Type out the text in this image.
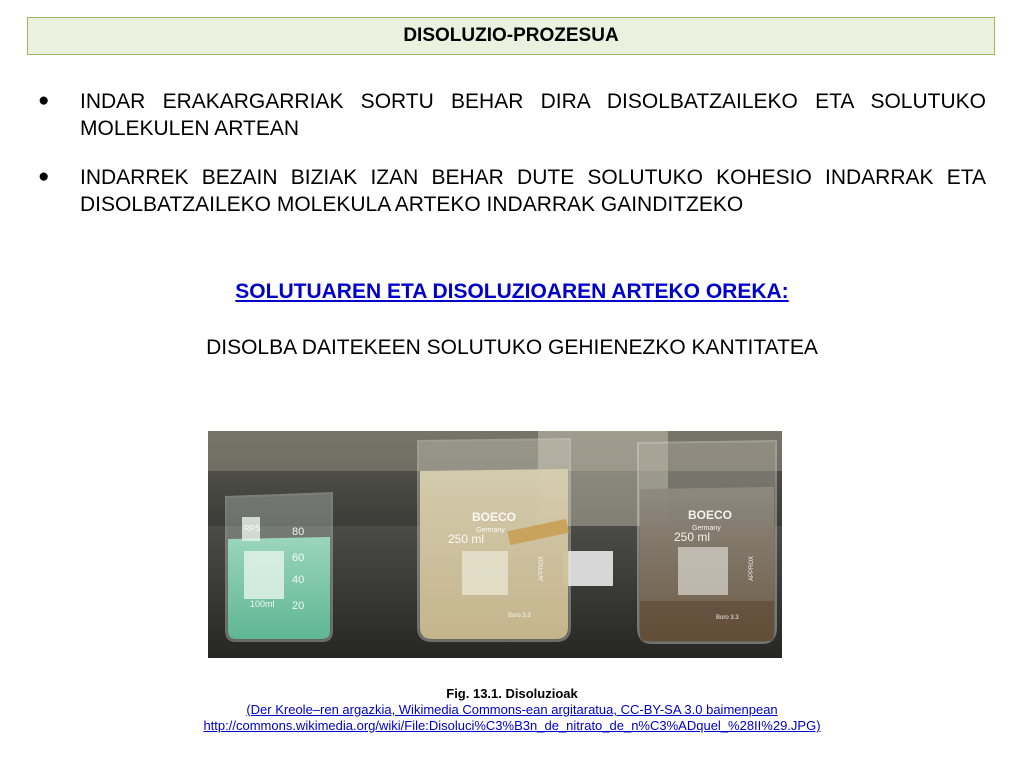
DISOLUZIO-PROZESUA
●	INDAR ERAKARGARRIAK SORTU BEHAR DIRA DISOLBATZAILEKO ETA SOLUTUKO MOLEKULEN ARTEAN
●	INDARREK BEZAIN BIZIAK IZAN BEHAR DUTE SOLUTUKO KOHESIO INDARRAK ETA DISOLBATZAILEKO MOLEKULA ARTEKO INDARRAK GAINDITZEKO
SOLUTUAREN ETA DISOLUZIOAREN ARTEKO OREKA:
DISOLBA DAITEKEEN SOLUTUKO GEHIENEZKO KANTITATEA
80
60
40
20
100ml
RPS
BOECO
Germany
250 ml
Boro 3.3
APPROX
BOECO
Germany
250 ml
Boro 3.3
APPROX
Fig. 13.1. Disoluzioak
(Der Kreole–ren argazkia, Wikimedia Commons-ean argitaratua, CC-BY-SA 3.0 baimenpean
http://commons.wikimedia.org/wiki/File:Disoluci%C3%B3n_de_nitrato_de_n%C3%ADquel_%28II%29.JPG)
